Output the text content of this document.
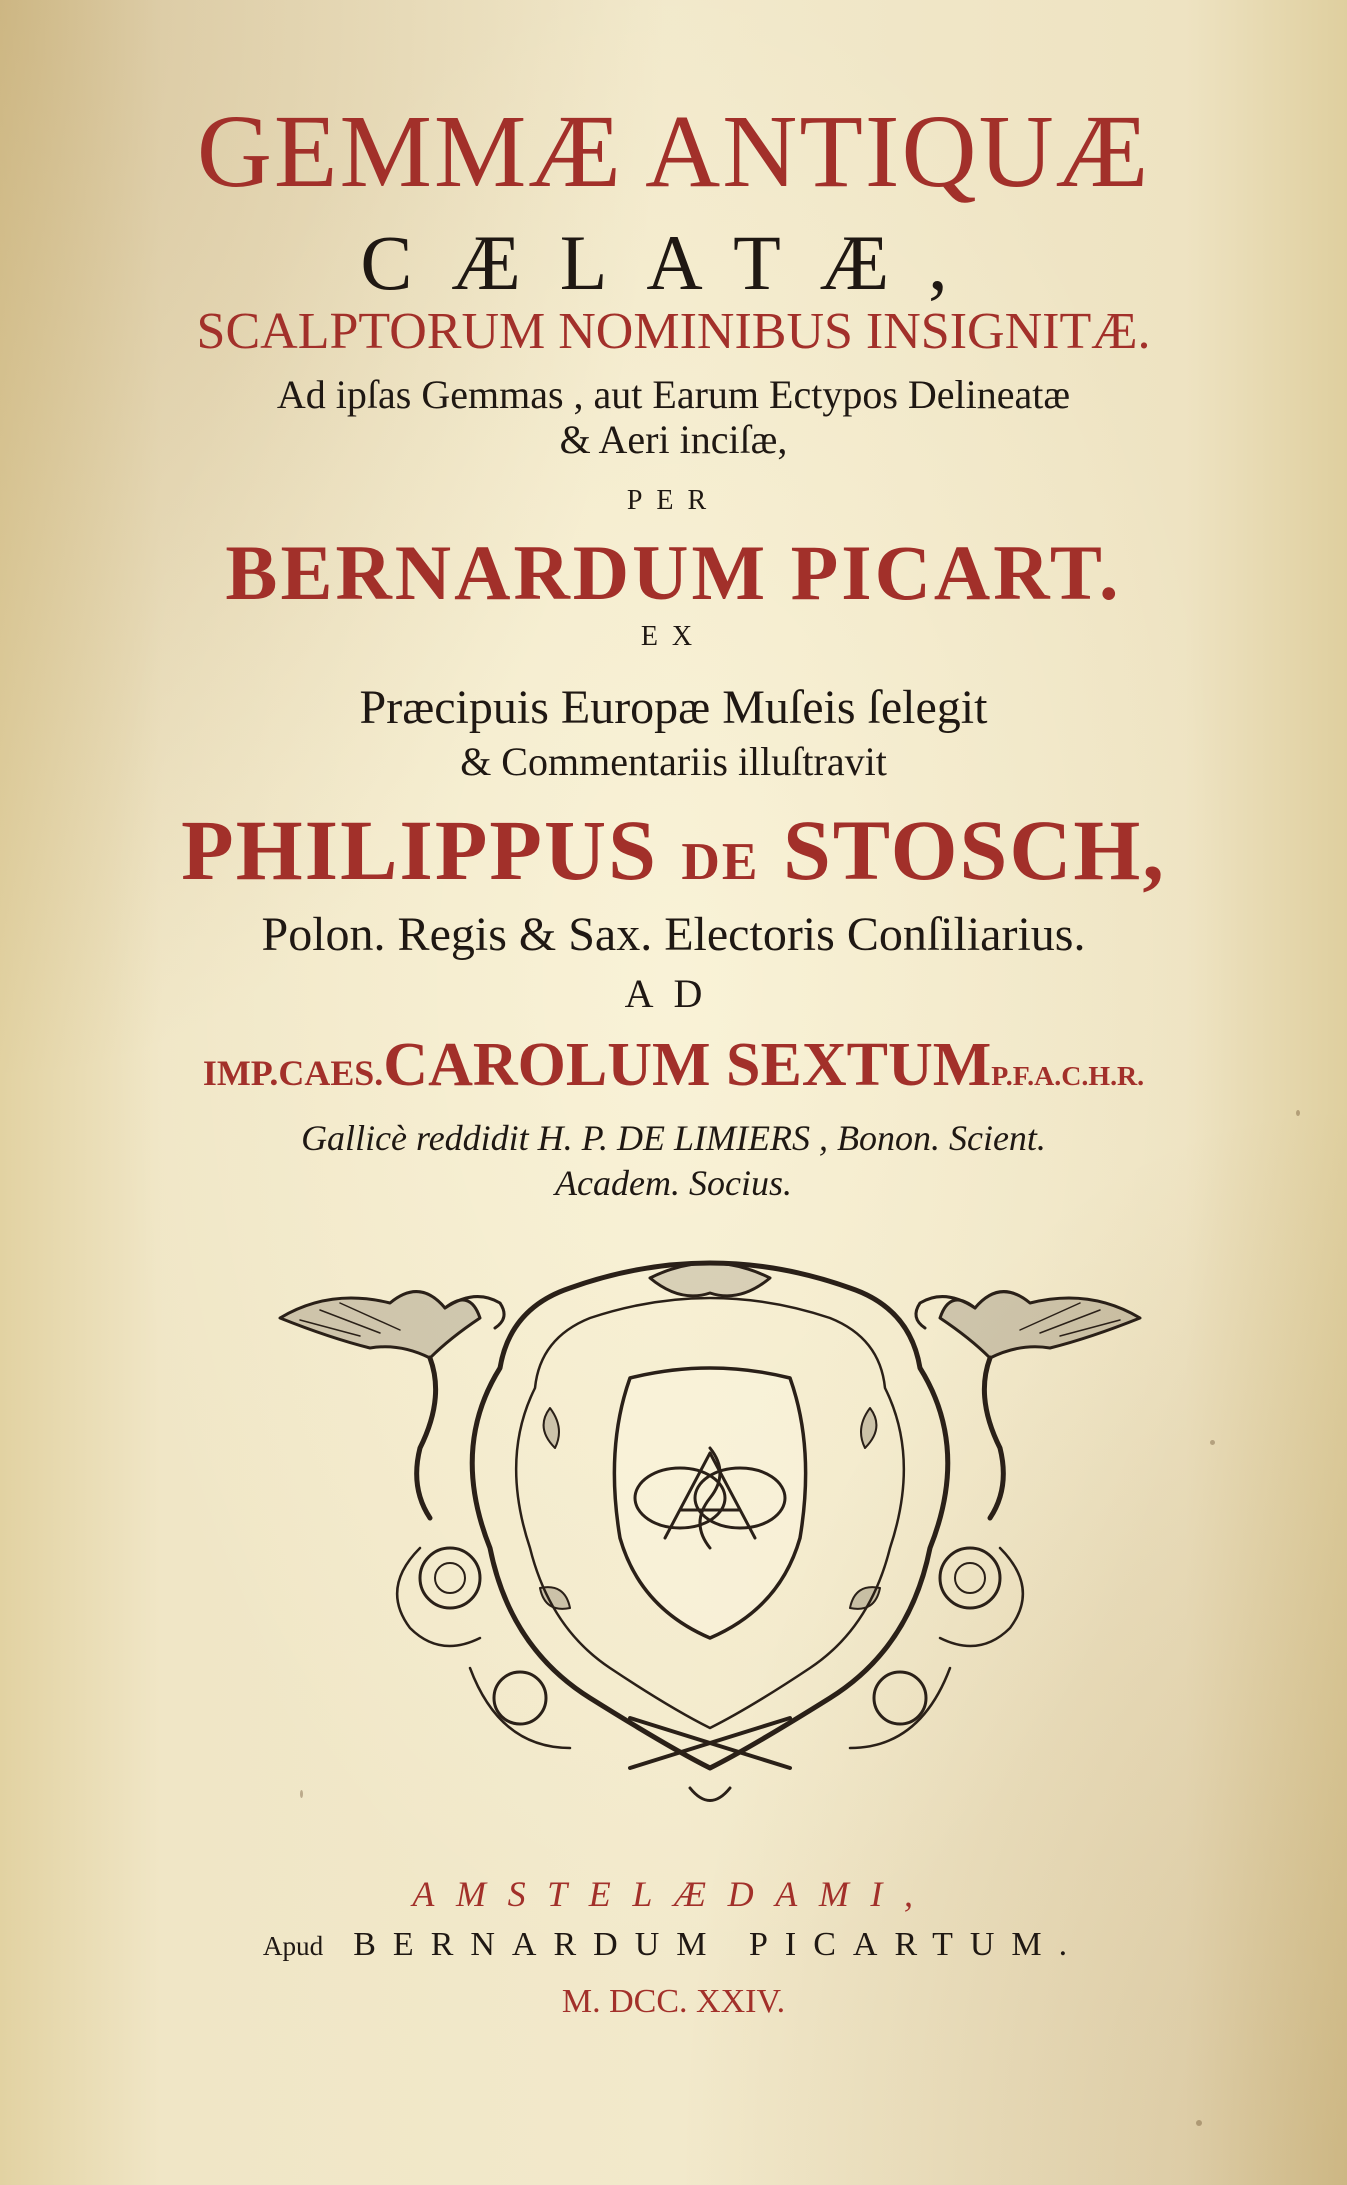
GEMMÆ ANTIQUÆ
CÆLATÆ,
SCALPTORUM NOMINIBUS INSIGNITÆ.
Ad ipſas Gemmas , aut Earum Ectypos Delineatæ
& Aeri inciſæ,
PER
BERNARDUM PICART.
EX
Præcipuis Europæ Muſeis ſelegit
& Commentariis illuſtravit
PHILIPPUS DE STOSCH,
Polon. Regis & Sax. Electoris Conſiliarius.
AD
IMP.CAES.CAROLUM SEXTUMP.F.A.C.H.R.
Gallicè reddidit H. P. DE LIMIERS , Bonon. Scient.
Academ. Socius.
AMSTELÆDAMI,
Apud BERNARDUM PICARTUM.
M. DCC. XXIV.
